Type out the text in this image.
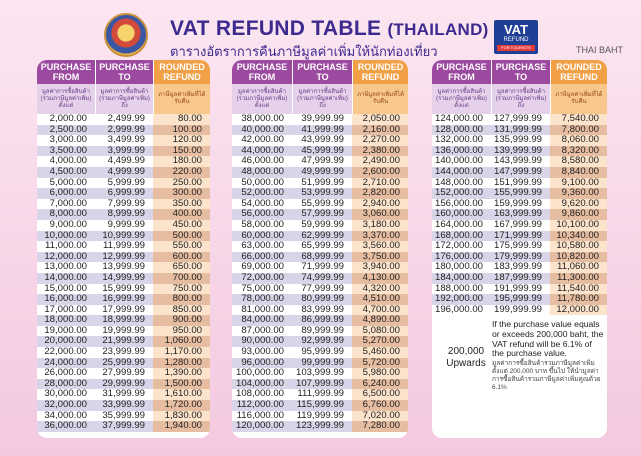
VAT REFUND TABLE (THAILAND)
ตารางอัตราการคืนภาษีมูลค่าเพิ่มให้นักท่องเที่ยว
VAT
REFUND
FOR TOURISTS	THAI BAHT
PURCHASE FROM
มูลค่าการซื้อสินค้า (รวมภาษีมูลค่าเพิ่ม) ตั้งแต่
PURCHASE TO
มูลค่าการซื้อสินค้า (รวมภาษีมูลค่าเพิ่ม) ถึง
ROUNDED REFUND
ภาษีมูลค่าเพิ่มที่ได้รับคืน
2,000.00	2,499.99	80.00
2,500.00	2,999.99	100.00
3,000.00	3,499.99	120.00
3,500.00	3,999.99	150.00
4,000.00	4,499.99	180.00
4,500.00	4,999.99	220.00
5,000.00	5,999.99	250.00
6,000.00	6,999.99	300.00
7,000.00	7,999.99	350.00
8,000.00	8,999.99	400.00
9,000.00	9,999.99	450.00
10,000.00	10,999.99	500.00
11,000.00	11,999.99	550.00
12,000.00	12,999.99	600.00
13,000.00	13,999.99	650.00
14,000.00	14,999.99	700.00
15,000.00	15,999.99	750.00
16,000.00	16,999.99	800.00
17,000.00	17,999.99	850.00
18,000.00	18,999.99	900.00
19,000.00	19,999.99	950.00
20,000.00	21,999.99	1,060.00
22,000.00	23,999.99	1,170.00
24,000.00	25,999.99	1,280.00
26,000.00	27,999.99	1,390.00
28,000.00	29,999.99	1,500.00
30,000.00	31,999.99	1,610.00
32,000.00	33,999.99	1,720.00
34,000.00	35,999.99	1,830.00
36,000.00	37,999.99	1,940.00
PURCHASE FROM
มูลค่าการซื้อสินค้า (รวมภาษีมูลค่าเพิ่ม) ตั้งแต่
PURCHASE TO
มูลค่าการซื้อสินค้า (รวมภาษีมูลค่าเพิ่ม) ถึง
ROUNDED REFUND
ภาษีมูลค่าเพิ่มที่ได้รับคืน
38,000.00	39,999.99	2,050.00
40,000.00	41,999.99	2,160.00
42,000.00	43,999.99	2,270.00
44,000.00	45,999.99	2,380.00
46,000.00	47,999.99	2,490.00
48,000.00	49,999.99	2,600.00
50,000.00	51,999.99	2,710.00
52,000.00	53,999.99	2,820.00
54,000.00	55,999.99	2,940.00
56,000.00	57,999.99	3,060.00
58,000.00	59,999.99	3,180.00
60,000.00	62,999.99	3,370.00
63,000.00	65,999.99	3,560.00
66,000.00	68,999.99	3,750.00
69,000.00	71,999.99	3,940.00
72,000.00	74,999.99	4,130.00
75,000.00	77,999.99	4,320.00
78,000.00	80,999.99	4,510.00
81,000.00	83,999.99	4,700.00
84,000.00	86,999.99	4,890.00
87,000.00	89,999.99	5,080.00
90,000.00	92,999.99	5,270.00
93,000.00	95,999.99	5,460.00
96,000.00	99,999.99	5,720.00
100,000.00	103,999.99	5,980.00
104,000.00	107,999.99	6,240.00
108,000.00	111,999.99	6,500.00
112,000.00	115,999.99	6,760.00
116,000.00	119,999.99	7,020.00
120,000.00	123,999.99	7,280.00
PURCHASE FROM
มูลค่าการซื้อสินค้า (รวมภาษีมูลค่าเพิ่ม) ตั้งแต่
PURCHASE TO
มูลค่าการซื้อสินค้า (รวมภาษีมูลค่าเพิ่ม) ถึง
ROUNDED REFUND
ภาษีมูลค่าเพิ่มที่ได้รับคืน
124,000.00	127,999.99	7,540.00
128,000.00	131,999.99	7,800.00
132,000.00	135,999.99	8,060.00
136,000.00	139,999.99	8,320.00
140,000.00	143,999.99	8,580.00
144,000.00	147,999.99	8,840.00
148,000.00	151,999.99	9,100.00
152,000.00	155,999.99	9,360.00
156,000.00	159,999.99	9,620.00
160,000.00	163,999.99	9,860.00
164,000.00	167,999.99	10,100.00
168,000.00	171,999.99	10,340.00
172,000.00	175,999.99	10,580.00
176,000.00	179,999.99	10,820.00
180,000.00	183,999.99	11,060.00
184,000.00	187,999.99	11,300.00
188,000.00	191,999.99	11,540.00
192,000.00	195,999.99	11,780.00
196,000.00	199,999.99	12,000.00
200,000
Upwards
If the purchase value equals or exceeds 200,000 baht, the VAT refund will be 6.1% of the purchase value.
มูลค่าการซื้อสินค้ารวมภาษีมูลค่าเพิ่มตั้งแต่ 200,000 บาท ขึ้นไป ให้นำมูลค่าการซื้อสินค้ารวมภาษีมูลค่าเพิ่มคูณด้วย 6.1%
